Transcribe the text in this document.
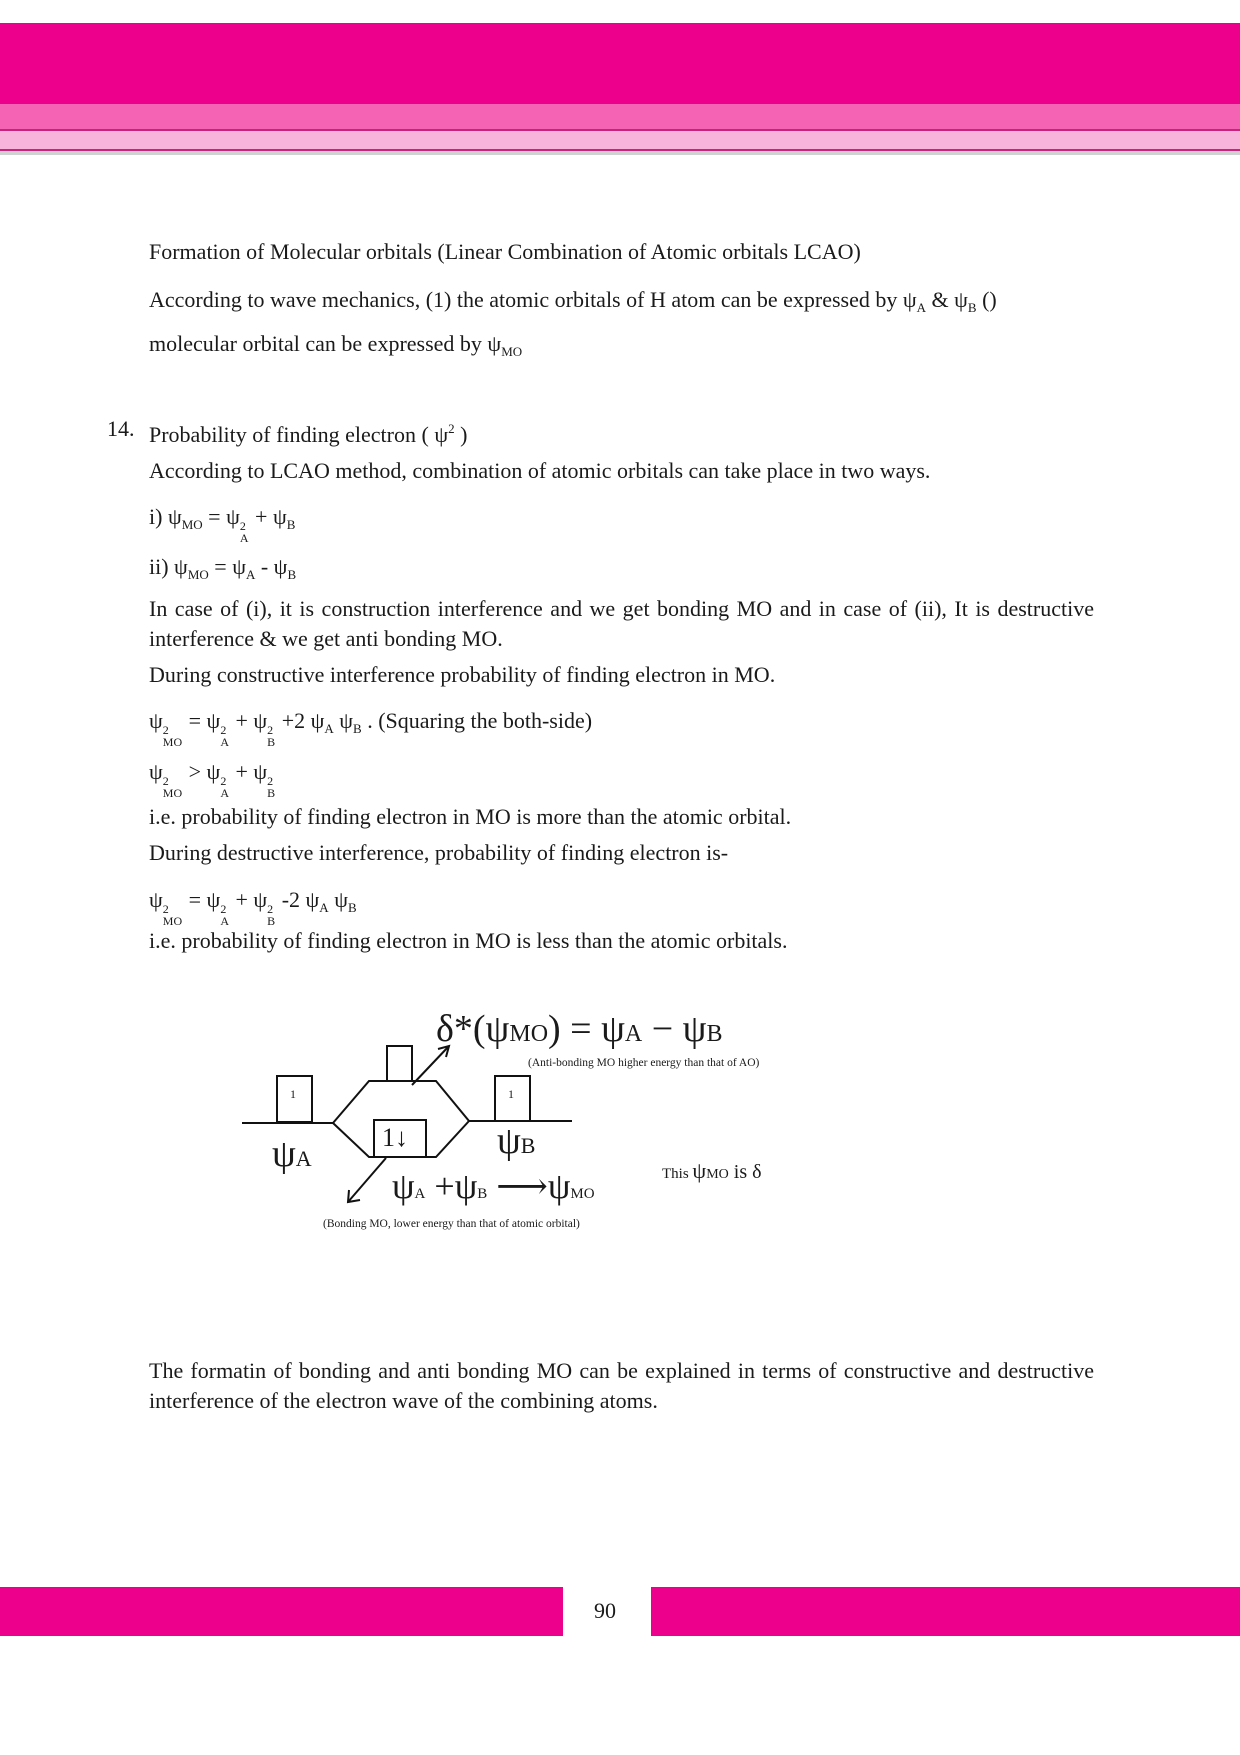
Formation of Molecular orbitals (Linear Combination of Atomic orbitals LCAO)
According to wave mechanics, (1) the atomic orbitals of H atom can be expressed by $\psi_A$ & $\psi_B$ ()
molecular orbital can be expressed by $\psi_{MO}$
Probability of finding electron ( $\psi^2$ )
According to LCAO method, combination of atomic orbitals can take place in two ways.
i) $\psi_{MO} = \psi$ 2
A
+ $\psi_B$
ii) $\psi_{MO} = \psi_A - \psi_B$
During constructive interference probability of finding electron in MO.
ψ 2
MO
= ψ 2
A
+ ψ 2
B
+2 $\psi_A$ $\psi_B$ . (Squaring the both-side)
ψ 2
MO
> ψ 2
A
+ ψ 2
B
i.e. probability of finding electron in MO is more than the atomic orbital.
During destructive interference, probability of finding electron is-
ψ 2
MO
= ψ 2
A
+ ψ 2
B
-2 $\psi_A$ $\psi_B$
i.e. probability of finding electron in MO is less than the atomic orbitals.
14.
In case of (i), it is construction interference and we get bonding MO and in case of (ii), It is destructive interference & we get anti bonding MO.
The formatin of bonding and anti bonding MO can be explained in terms of constructive and destructive interference of the electron wave of the combining atoms.
δ*(ψMO) = ψA − ψB
(Anti-bonding MO higher energy than that of AO)
1	1
1↓
ψA	ψB
ψA +ψB ⟶ψMO
(Bonding MO, lower energy than that of atomic orbital)
This ψMO is δ
90
